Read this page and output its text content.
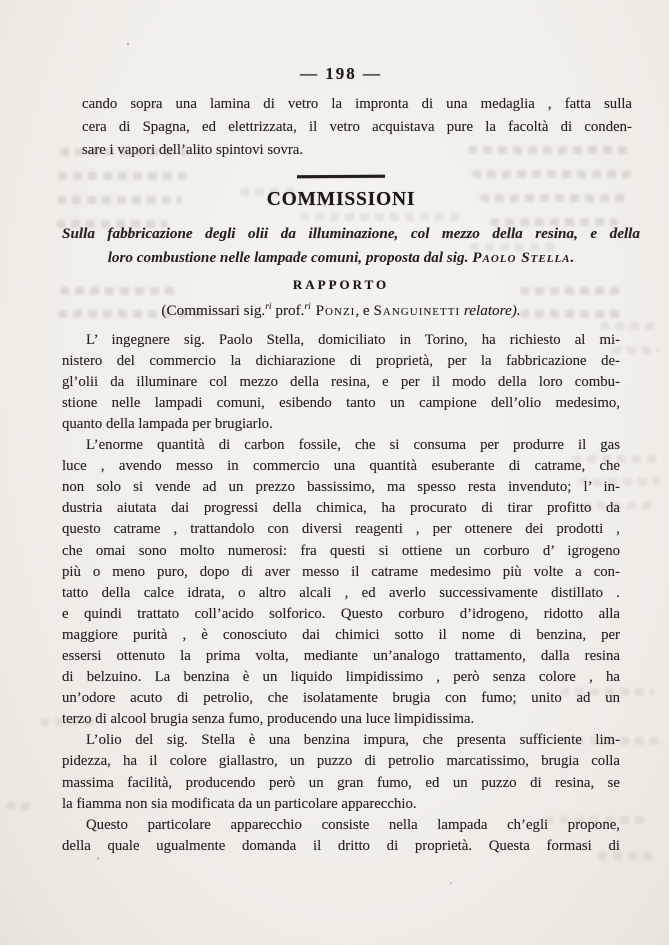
— 198 —
cando sopra una lamina di vetro la impronta di una medaglia , fatta sulla
cera di Spagna, ed elettrizzata, il vetro acquistava pure la facoltà di conden-
sare i vapori dell’alito spintovi sovra.
COMMISSIONI
Sulla fabbricazione degli olii da illuminazione, col mezzo della resina, e della
loro combustione nelle lampade comuni, proposta dal sig. Paolo Stella.
RAPPORTO
(Commissari sig.$^{ri}$ prof.$^{ri}$ Ponzi, e Sanguinetti relatore).
L’ ingegnere sig. Paolo Stella, domiciliato in Torino, ha richiesto al mi-
nistero del commercio la dichiarazione di proprietà, per la fabbricazione de-
gl’olii da illuminare col mezzo della resina, e per il modo della loro combu-
stione nelle lampadi comuni, esibendo tanto un campione dell’olio medesimo,
quanto della lampada per brugiarlo.
L’enorme quantità di carbon fossile, che si consuma per produrre il gas
luce , avendo messo in commercio una quantità esuberante di catrame, che
non solo si vende ad un prezzo bassissimo, ma spesso resta invenduto; l’ in-
dustria aiutata dai progressi della chimica, ha procurato di tirar profitto da
questo catrame , trattandolo con diversi reagenti , per ottenere dei prodotti ,
che omai sono molto numerosi: fra questi si ottiene un corburo d’ igrogeno
più o meno puro, dopo di aver messo il catrame medesimo più volte a con-
tatto della calce idrata, o altro alcali , ed averlo successivamente distillato .
e quindi trattato coll’acido solforico. Questo corburo d’idrogeno, ridotto alla
maggiore purità , è conosciuto dai chimici sotto il nome di benzina, per
essersi ottenuto la prima volta, mediante un’analogo trattamento, dalla resina
di belzuino. La benzina è un liquido limpidissimo , però senza colore , ha
un’odore acuto di petrolio, che isolatamente brugia con fumo; unito ad un
terzo di alcool brugia senza fumo, producendo una luce limpidissima.
L’olio del sig. Stella è una benzina impura, che presenta sufficiente lim-
pidezza, ha il colore giallastro, un puzzo di petrolio marcatissimo, brugia colla
massima facilità, producendo però un gran fumo, ed un puzzo di resina, se
la fiamma non sia modificata da un particolare apparecchio.
Questo particolare apparecchio consiste nella lampada ch’egli propone,
della quale ugualmente domanda il dritto di proprietà. Questa formasi di
